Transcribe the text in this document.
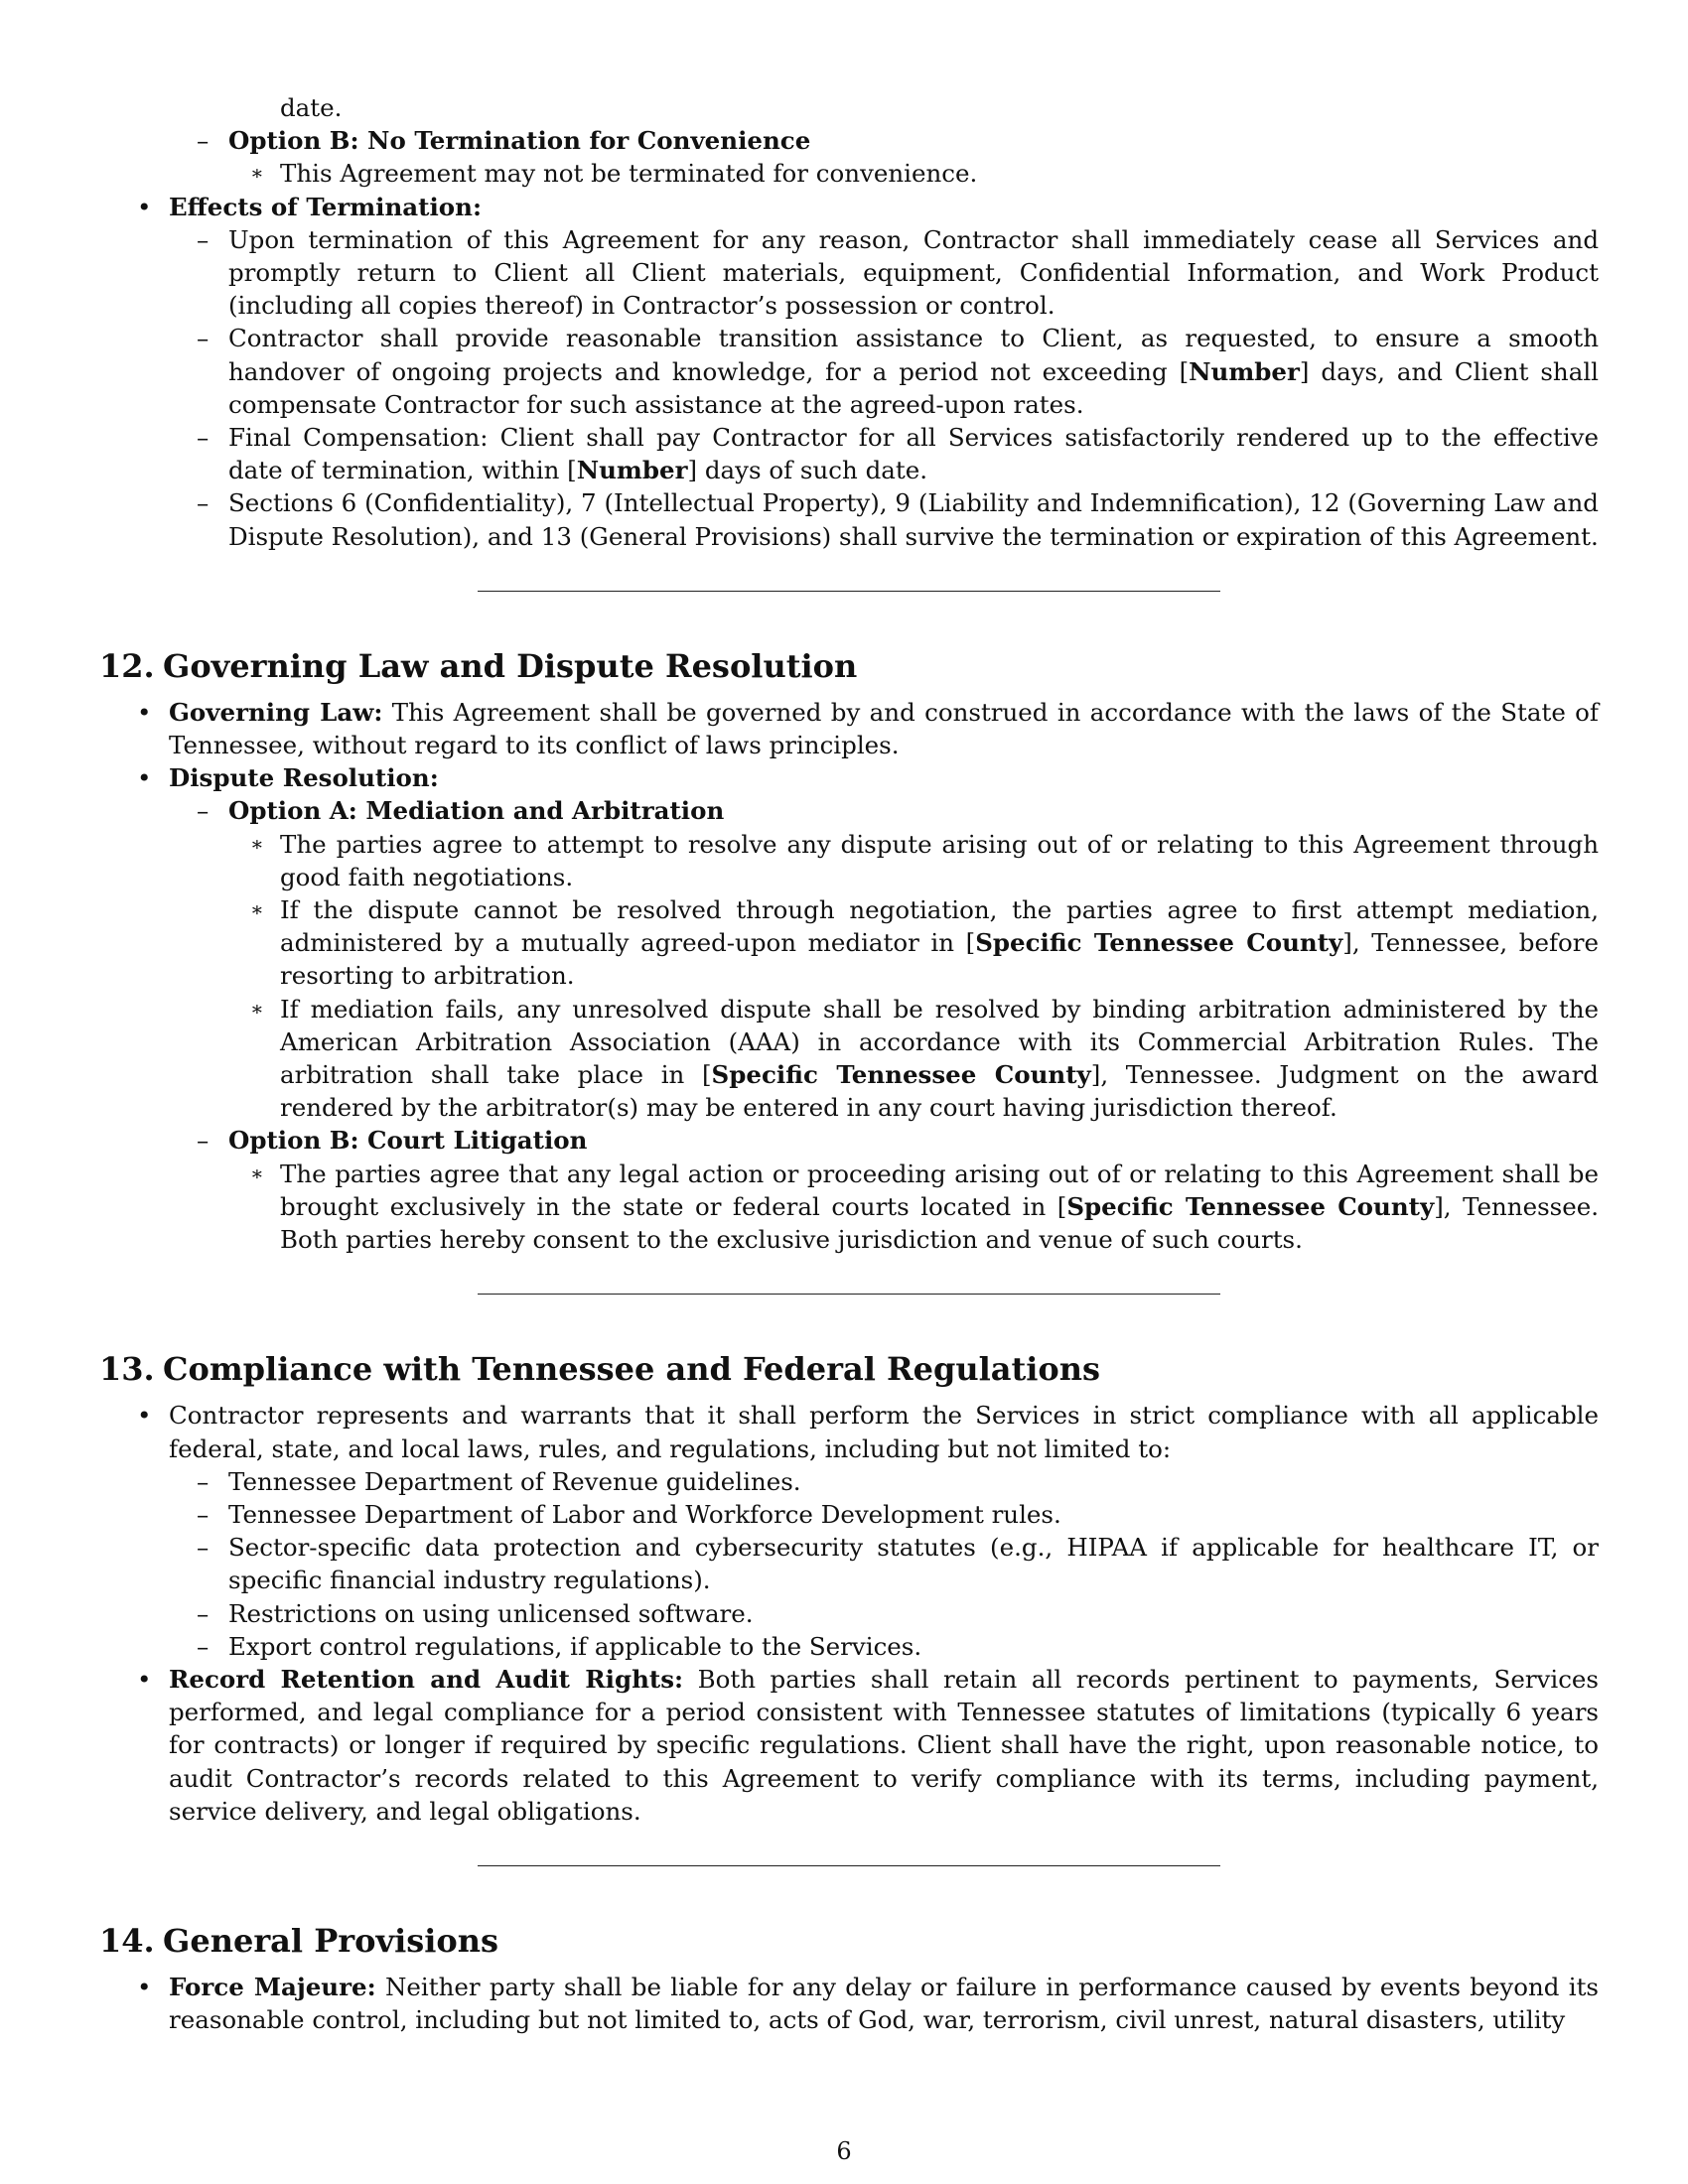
date.

– Option B: No Termination for Convenience

∗ This Agreement may not be terminated for convenience.

• Effects of Termination:

– Upon termination of this Agreement for any reason, Contractor shall immediately cease all Services and promptly return to Client all Client materials, equipment, Confidential Information, and Work Product (including all copies thereof) in Contractor’s possession or control.

– Contractor shall provide reasonable transition assistance to Client, as requested, to ensure a smooth handover of ongoing projects and knowledge, for a period not exceeding [Number] days, and Client shall compensate Contractor for such assistance at the agreed-upon rates.

– Final Compensation: Client shall pay Contractor for all Services satisfactorily rendered up to the effective date of termination, within [Number] days of such date.

– Sections 6 (Confidentiality), 7 (Intellectual Property), 9 (Liability and Indemnification), 12 (Governing Law and Dispute Resolution), and 13 (General Provisions) shall survive the termination or expiration of this Agreement.

12. Governing Law and Dispute Resolution

• Governing Law: This Agreement shall be governed by and construed in accordance with the laws of the State of Tennessee, without regard to its conflict of laws principles.

• Dispute Resolution:

– Option A: Mediation and Arbitration

∗ The parties agree to attempt to resolve any dispute arising out of or relating to this Agreement through good faith negotiations.

∗ If the dispute cannot be resolved through negotiation, the parties agree to first attempt mediation, administered by a mutually agreed-upon mediator in [Specific Tennessee County], Tennessee, before resorting to arbitration.

∗ If mediation fails, any unresolved dispute shall be resolved by binding arbitration administered by the American Arbitration Association (AAA) in accordance with its Commercial Arbitration Rules. The arbitration shall take place in [Specific Tennessee County], Tennessee. Judgment on the award rendered by the arbitrator(s) may be entered in any court having jurisdiction thereof.

– Option B: Court Litigation

∗ The parties agree that any legal action or proceeding arising out of or relating to this Agreement shall be brought exclusively in the state or federal courts located in [Specific Tennessee County], Tennessee. Both parties hereby consent to the exclusive jurisdiction and venue of such courts.

13. Compliance with Tennessee and Federal Regulations

• Contractor represents and warrants that it shall perform the Services in strict compliance with all applicable federal, state, and local laws, rules, and regulations, including but not limited to:

– Tennessee Department of Revenue guidelines.

– Tennessee Department of Labor and Workforce Development rules.

– Sector-specific data protection and cybersecurity statutes (e.g., HIPAA if applicable for healthcare IT, or specific financial industry regulations).

– Restrictions on using unlicensed software.

– Export control regulations, if applicable to the Services.

• Record Retention and Audit Rights: Both parties shall retain all records pertinent to payments, Services performed, and legal compliance for a period consistent with Tennessee statutes of limitations (typically 6 years for contracts) or longer if required by specific regulations. Client shall have the right, upon reasonable notice, to audit Contractor’s records related to this Agreement to verify compliance with its terms, including payment, service delivery, and legal obligations.

14. General Provisions

• Force Majeure: Neither party shall be liable for any delay or failure in performance caused by events beyond its reasonable control, including but not limited to, acts of God, war, terrorism, civil unrest, natural disasters, utility

6
